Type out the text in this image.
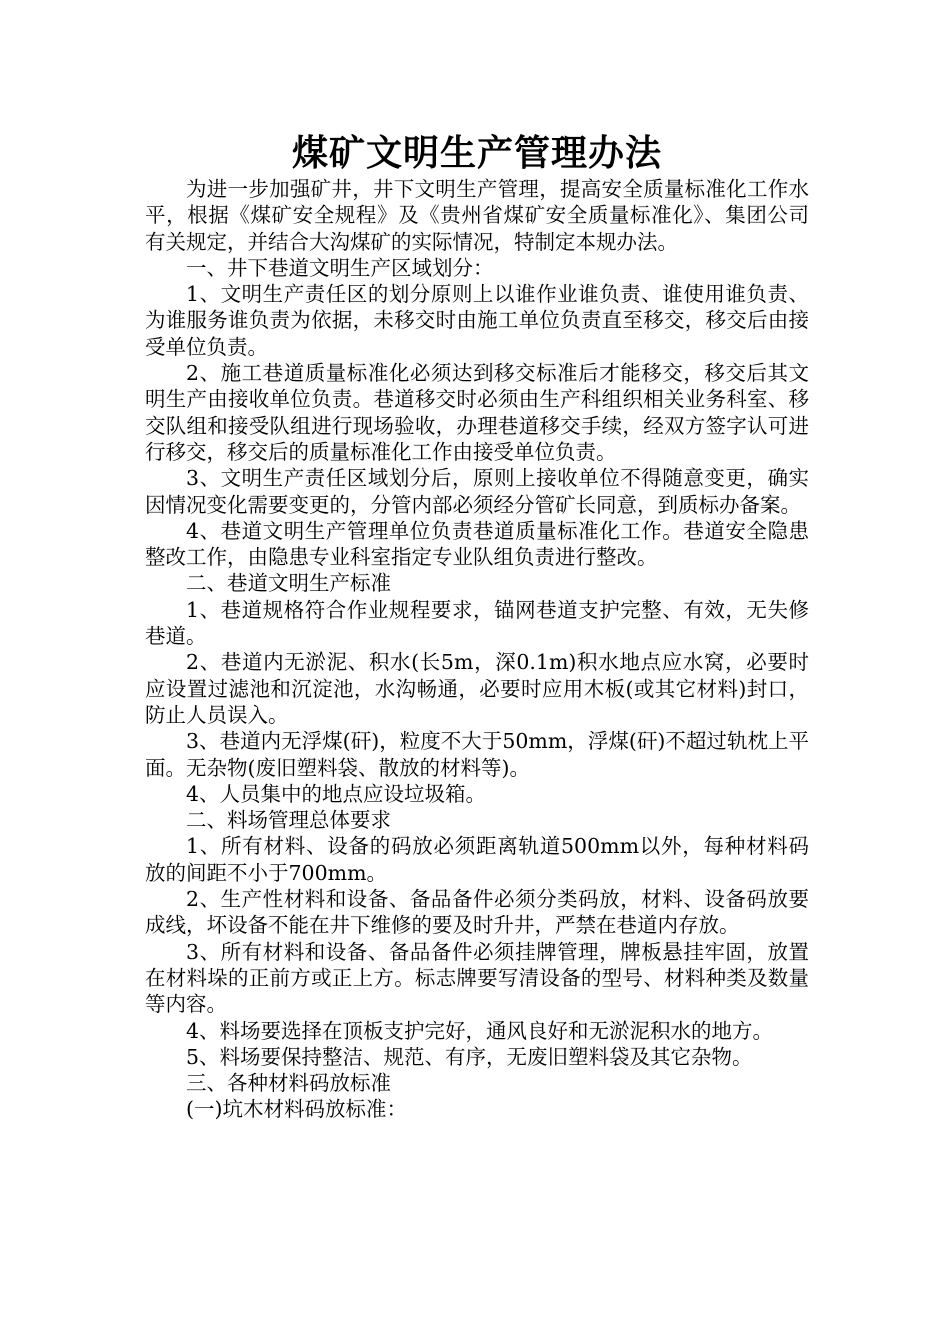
煤矿文明生产管理办法

为进一步加强矿井，井下文明生产管理，提高安全质量标准化工作水平，根据《煤矿安全规程》及《贵州省煤矿安全质量标准化》、集团公司有关规定，并结合大沟煤矿的实际情况，特制定本规办法。

一、井下巷道文明生产区域划分：

1、文明生产责任区的划分原则上以谁作业谁负责、谁使用谁负责、为谁服务谁负责为依据，未移交时由施工单位负责直至移交，移交后由接受单位负责。

2、施工巷道质量标准化必须达到移交标准后才能移交，移交后其文明生产由接收单位负责。巷道移交时必须由生产科组织相关业务科室、移交队组和接受队组进行现场验收，办理巷道移交手续，经双方签字认可进行移交，移交后的质量标准化工作由接受单位负责。

3、文明生产责任区域划分后，原则上接收单位不得随意变更，确实因情况变化需要变更的，分管内部必须经分管矿长同意，到质标办备案。

4、巷道文明生产管理单位负责巷道质量标准化工作。巷道安全隐患整改工作，由隐患专业科室指定专业队组负责进行整改。

二、巷道文明生产标准

1、巷道规格符合作业规程要求，锚网巷道支护完整、有效，无失修巷道。

2、巷道内无淤泥、积水(长5m，深0.1m)积水地点应水窝，必要时应设置过滤池和沉淀池，水沟畅通，必要时应用木板(或其它材料)封口，防止人员误入。

3、巷道内无浮煤(矸)，粒度不大于50mm，浮煤(矸)不超过轨枕上平面。无杂物(废旧塑料袋、散放的材料等)。

4、人员集中的地点应设垃圾箱。

二、料场管理总体要求

1、所有材料、设备的码放必须距离轨道500mm以外，每种材料码放的间距不小于700mm。

2、生产性材料和设备、备品备件必须分类码放，材料、设备码放要成线，坏设备不能在井下维修的要及时升井，严禁在巷道内存放。

3、所有材料和设备、备品备件必须挂牌管理，牌板悬挂牢固，放置在材料垛的正前方或正上方。标志牌要写清设备的型号、材料种类及数量等内容。

4、料场要选择在顶板支护完好，通风良好和无淤泥积水的地方。

5、料场要保持整洁、规范、有序，无废旧塑料袋及其它杂物。

三、各种材料码放标准

(一)坑木材料码放标准：
